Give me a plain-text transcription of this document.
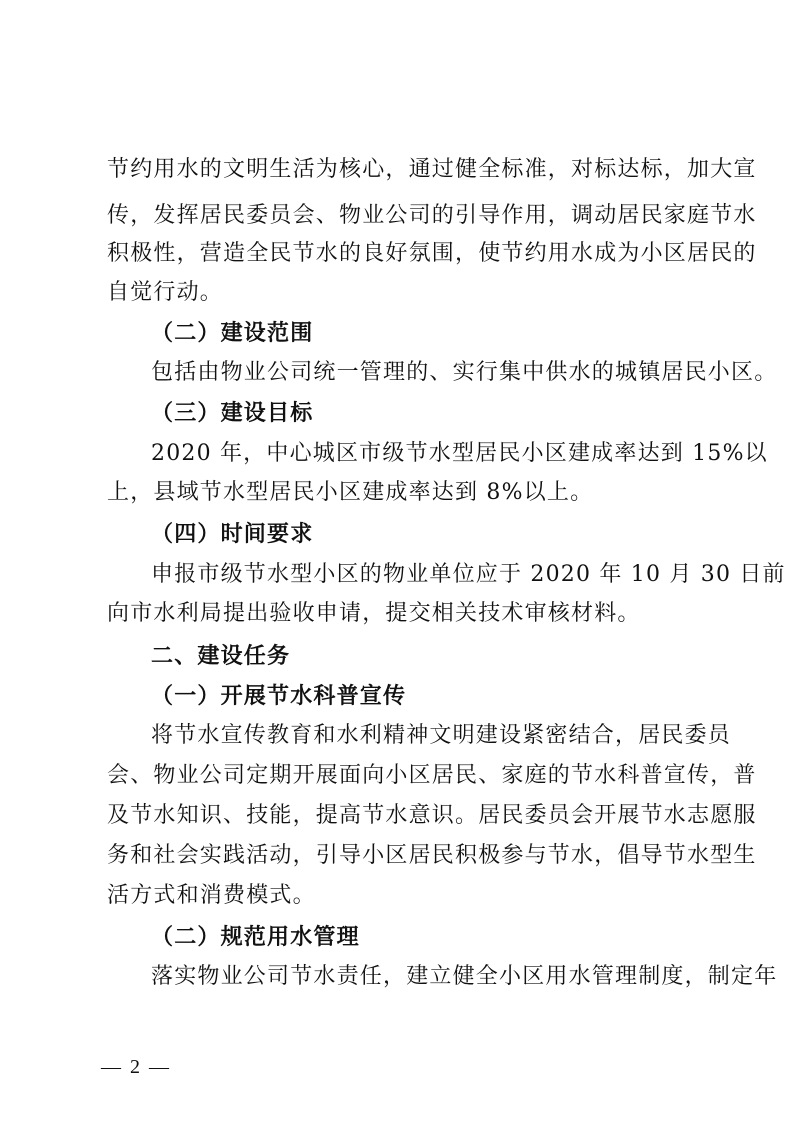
节约用水的文明生活为核心，通过健全标准，对标达标，加大宣
传，发挥居民委员会、物业公司的引导作用，调动居民家庭节水
积极性，营造全民节水的良好氛围，使节约用水成为小区居民的
自觉行动。
（二）建设范围
包括由物业公司统一管理的、实行集中供水的城镇居民小区。
（三）建设目标
2020 年，中心城区市级节水型居民小区建成率达到 15%以
上，县域节水型居民小区建成率达到 8%以上。
（四）时间要求
申报市级节水型小区的物业单位应于 2020 年 10 月 30 日前
向市水利局提出验收申请，提交相关技术审核材料。
二、建设任务
（一）开展节水科普宣传
将节水宣传教育和水利精神文明建设紧密结合，居民委员
会、物业公司定期开展面向小区居民、家庭的节水科普宣传，普
及节水知识、技能，提高节水意识。居民委员会开展节水志愿服
务和社会实践活动，引导小区居民积极参与节水，倡导节水型生
活方式和消费模式。
（二）规范用水管理
落实物业公司节水责任，建立健全小区用水管理制度，制定年
— 2 —
